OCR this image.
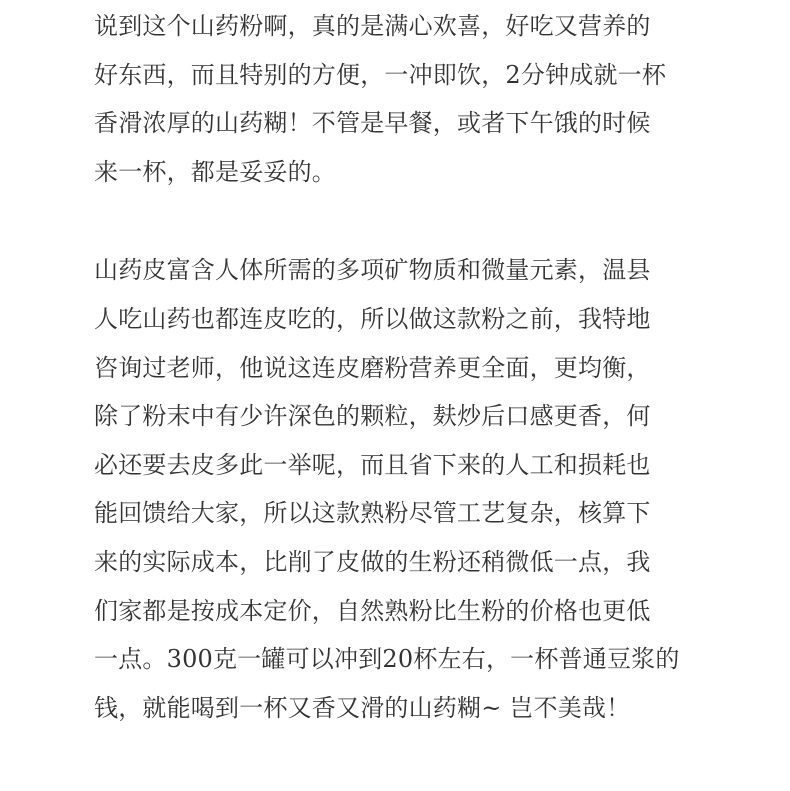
说到这个山药粉啊，真的是满心欢喜，好吃又营养的
好东西，而且特别的方便，一冲即饮，2分钟成就一杯
香滑浓厚的山药糊！不管是早餐，或者下午饿的时候
来一杯，都是妥妥的。

山药皮富含人体所需的多项矿物质和微量元素，温县
人吃山药也都连皮吃的，所以做这款粉之前，我特地
咨询过老师，他说这连皮磨粉营养更全面，更均衡，
除了粉末中有少许深色的颗粒，麸炒后口感更香，何
必还要去皮多此一举呢，而且省下来的人工和损耗也
能回馈给大家，所以这款熟粉尽管工艺复杂，核算下
来的实际成本，比削了皮做的生粉还稍微低一点，我
们家都是按成本定价，自然熟粉比生粉的价格也更低
一点。300克一罐可以冲到20杯左右，一杯普通豆浆的
钱，就能喝到一杯又香又滑的山药糊~ 岂不美哉！
